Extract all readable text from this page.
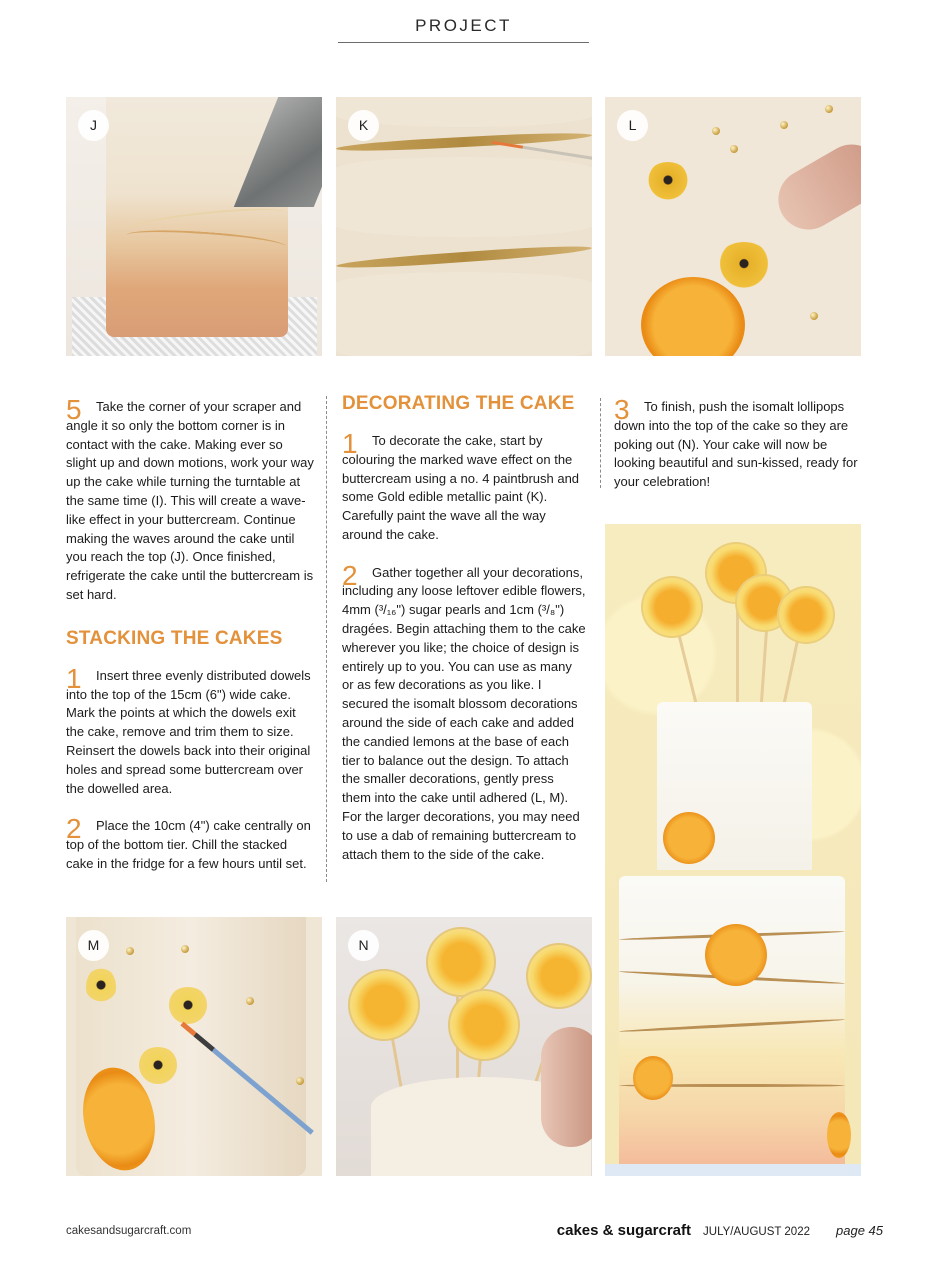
PROJECT
J	K	L
5	Take the corner of your scraper and angle it so only the bottom corner is in contact with the cake. Making ever so slight up and down motions, work your way up the cake while turning the turntable at the same time (I). This will create a wave-like effect in your buttercream. Continue making the waves around the cake until you reach the top (J). Once finished, refrigerate the cake until the buttercream is set hard.

STACKING THE CAKES
1	Insert three evenly distributed dowels into the top of the 15cm (6") wide cake. Mark the points at which the dowels exit the cake, remove and trim them to size. Reinsert the dowels back into their original holes and spread some buttercream over the dowelled area.

2	Place the 10cm (4") cake centrally on top of the bottom tier. Chill the stacked cake in the fridge for a few hours until set.

DECORATING THE CAKE
1	To decorate the cake, start by colouring the marked wave effect on the buttercream using a no. 4 paintbrush and some Gold edible metallic paint (K). Carefully paint the wave all the way around the cake.

2	Gather together all your decorations, including any loose leftover edible flowers, 4mm (³/₁₆") sugar pearls and 1cm (³/₈") dragées. Begin attaching them to the cake wherever you like; the choice of design is entirely up to you. You can use as many or as few decorations as you like. I secured the isomalt blossom decorations around the side of each cake and added the candied lemons at the base of each tier to balance out the design. To attach the smaller decorations, gently press them into the cake until adhered (L, M). For the larger decorations, you may need to use a dab of remaining buttercream to attach them to the side of the cake.

3	To finish, push the isomalt lollipops down into the top of the cake so they are poking out (N). Your cake will now be looking beautiful and sun-kissed, ready for your celebration!

M	N
cakesandsugarcraft.com	cakes & sugarcraft JULY/AUGUST 2022 page 45
